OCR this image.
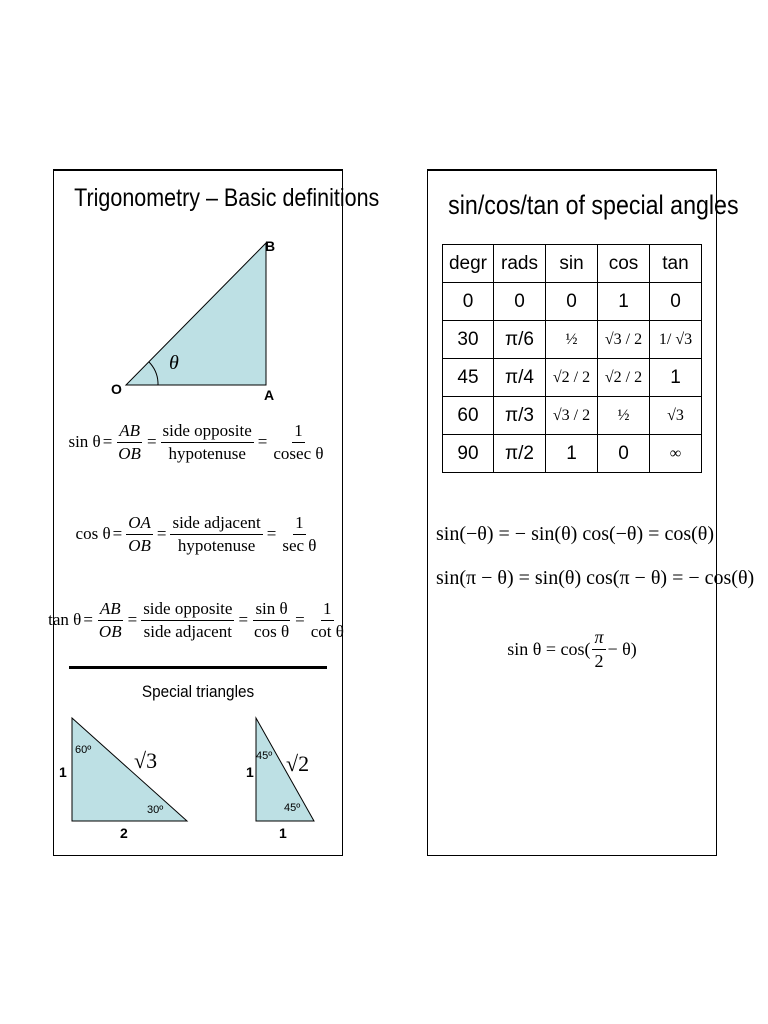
Trigonometry – Basic definitions
B
O	A
θ
$\sin \theta = \frac{AB}{OB} = \frac{\text{side opposite}}{\text{hypotenuse}} = \frac{1}{\text{cosec θ}}$
$\cos \theta = \frac{OA}{OB} = \frac{\text{side adjacent}}{\text{hypotenuse}} = \frac{1}{\text{sec θ}}$
$\tan \theta = \frac{AB}{OB} = \frac{\text{side opposite}}{\text{side adjacent}} = \frac{\text{sin θ}}{\text{cos θ}} = \frac{1}{\text{cot θ}}$
Special triangles
1
2
√3
60º
30º
1
1
√2
45º
45º
sin/cos/tan of special angles
degr	rads	sin	cos	tan
0	0	0	1	0
30	π/6	½	√3 / 2	1/ √3
45	π/4	√2 / 2	√2 / 2	1
60	π/3	√3 / 2	½	√3
90	π/2	1	0	∞
sin(−θ) = − sin(θ) cos(−θ) = cos(θ)
sin(π − θ) = sin(θ) cos(π − θ) = − cos(θ)
$\sin \theta = \cos( \frac{\pi}{2} - \theta)$
